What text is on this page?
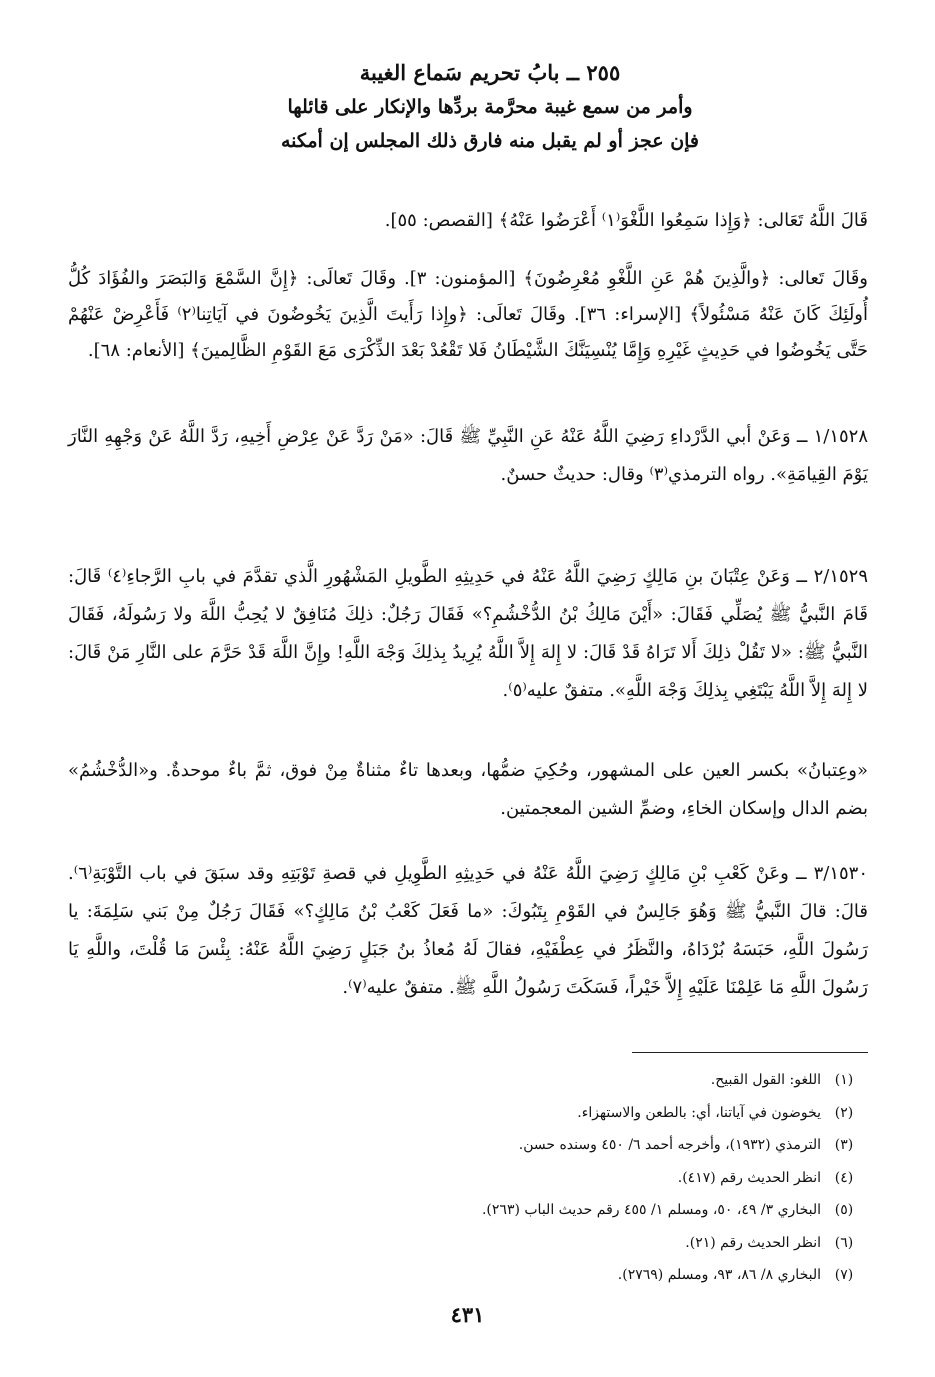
٢٥٥ ــ بابُ تحريم سَماع الغيبة
وأمر من سمع غيبة محرَّمة بردِّها والإنكار على قائلها
فإن عجز أو لم يقبل منه فارق ذلك المجلس إن أمكنه

قَالَ اللَّهُ تَعَالى: ﴿وَإِذا سَمِعُوا اللَّغْوَ⁽١⁾ أَعْرَضُوا عَنْهُ﴾ [القصص: ٥٥].

وقَالَ تَعالى: ﴿والَّذِينَ هُمْ عَنِ اللَّغْوِ مُعْرِضُونَ﴾ [المؤمنون: ٣]. وقَالَ تَعالَى: ﴿إِنَّ السَّمْعَ وَالبَصَرَ والفُؤَادَ كُلُّ أُولَئِكَ كَانَ عَنْهُ مَسْئُولاً﴾ [الإسراء: ٣٦]. وقَالَ تَعالَى: ﴿وإِذا رَأَيتَ الَّذِينَ يَخُوضُونَ في آيَاتِنا⁽٢⁾ فَأَعْرِضْ عَنْهُمْ حَتَّى يَخُوضُوا في حَدِيثٍ غَيْرِهِ وَإِمَّا يُنْسِيَنَّكَ الشَّيْطَانُ فَلا تَقْعُدْ بَعْدَ الذِّكْرَى مَعَ القَوْمِ الظَّالِمينَ﴾ [الأنعام: ٦٨].

١/١٥٢٨ ــ وَعَنْ أبي الدَّرْداءِ رَضِيَ اللَّهُ عَنْهُ عَنِ النَّبِيِّ ﷺ قَالَ: «مَنْ رَدَّ عَنْ عِرْضِ أَخِيهِ، رَدَّ اللَّهُ عَنْ وَجْهِهِ النَّارَ يَوْمَ القِيامَةِ». رواه الترمذي⁽٣⁾ وقال: حديثٌ حسنٌ.

٢/١٥٢٩ ــ وَعَنْ عِتْبَانَ بنِ مَالِكٍ رَضِيَ اللَّهُ عَنْهُ في حَدِيثِهِ الطَّويلِ المَشْهُورِ الَّذي تقدَّمَ في بابِ الرَّجاءِ⁽٤⁾ قَالَ: قَامَ النَّبيُّ ﷺ يُصَلِّي فَقَالَ: «أَيْنَ مَالِكُ بْنُ الدُّخْشُمِ؟» فَقَالَ رَجُلٌ: ذلِكَ مُنَافِقٌ لا يُحِبُّ اللَّهَ ولا رَسُولَهُ، فَقَالَ النَّبيُّ ﷺ: «لا تَقُلْ ذلِكَ أَلا تَرَاهُ قَدْ قَالَ: لا إِلهَ إِلاَّ اللَّهُ يُرِيدُ بِذلِكَ وَجْهَ اللَّهِ! وإِنَّ اللَّهَ قَدْ حَرَّمَ على النَّارِ مَنْ قَالَ: لا إِلهَ إِلاَّ اللَّهُ يَبْتَغِي بِذلِكَ وَجْهَ اللَّهِ». متفقٌ عليه⁽٥⁾.

«وعِتبانُ» بكسر العين على المشهور، وحُكِيَ ضمُّها، وبعدها تاءٌ مثناةٌ مِنْ فوق، ثمَّ باءٌ موحدةٌ. و«الدُّخْشُمُ» بضم الدال وإسكان الخاءِ، وضمِّ الشين المعجمتين.

٣/١٥٣٠ ــ وعَنْ كَعْبِ بْنِ مَالِكٍ رَضِيَ اللَّهُ عَنْهُ في حَدِيثِهِ الطَّوِيلِ في قصةِ تَوْبَتِهِ وقد سبَقَ في باب التَّوْبَةِ⁽٦⁾. قالَ: قالَ النَّبيُّ ﷺ وَهُوَ جَالِسٌ في القَوْمِ بِتَبُوكَ: «ما فَعَلَ كَعْبُ بْنُ مَالِكٍ؟» فَقَالَ رَجُلٌ مِنْ بَني سَلِمَةَ: يا رَسُولَ اللَّهِ، حَبَسَهُ بُرْدَاهُ، والنَّظَرُ في عِطْفَيْهِ، فقالَ لَهُ مُعاذُ بنُ جَبَلٍ رَضِيَ اللَّهُ عَنْهُ: بِئْسَ مَا قُلْتَ، واللَّهِ يَا رَسُولَ اللَّهِ مَا عَلِمْنَا عَلَيْهِ إِلاَّ خَيْراً، فَسَكَتَ رَسُولُ اللَّهِ ﷺ. متفقٌ عليه⁽٧⁾.

(١)اللغو: القول القبيح.
(٢)يخوضون في آياتنا، أي: بالطعن والاستهزاء.
(٣)الترمذي (١٩٣٢)، وأخرجه أحمد ٦/ ٤٥٠ وسنده حسن.
(٤)انظر الحديث رقم (٤١٧).
(٥)البخاري ٣/ ٤٩، ٥٠، ومسلم ١/ ٤٥٥ رقم حديث الباب (٢٦٣).
(٦)انظر الحديث رقم (٢١).
(٧)البخاري ٨/ ٨٦، ٩٣، ومسلم (٢٧٦٩).
٤٣١
